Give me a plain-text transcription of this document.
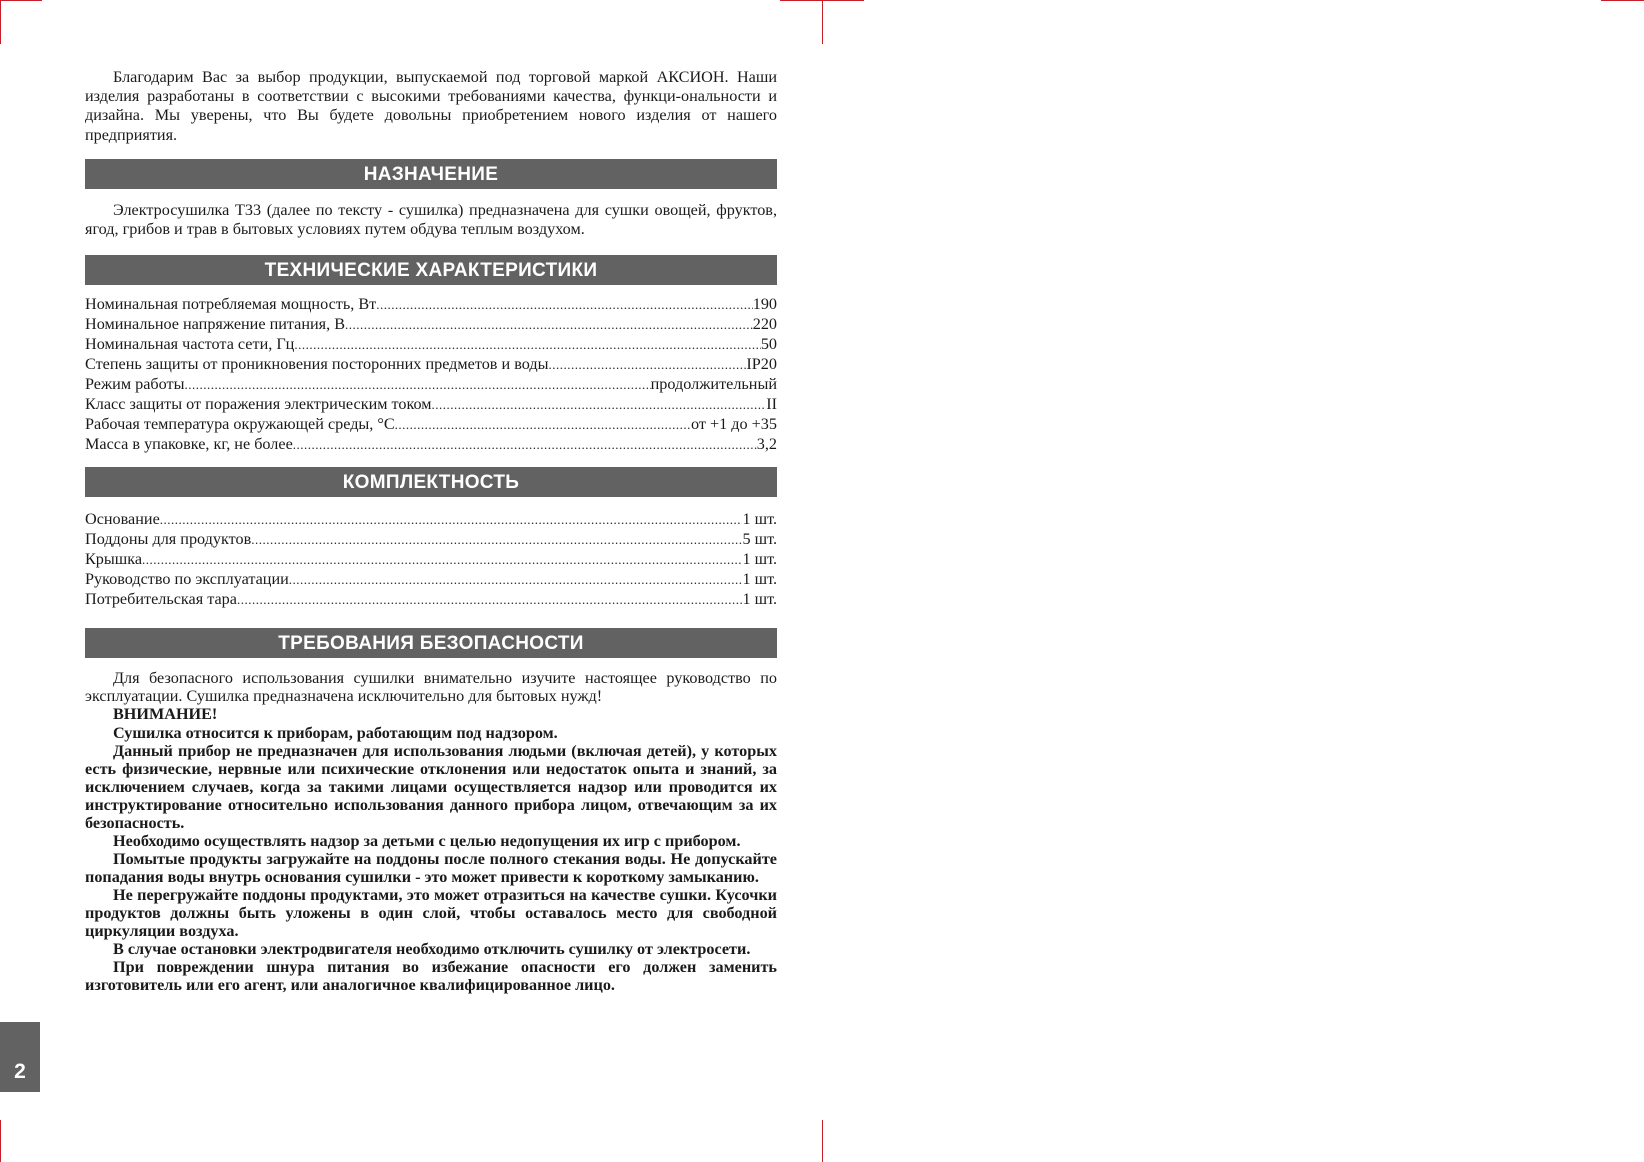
Благодарим Вас за выбор продукции, выпускаемой под торговой маркой АКСИОН. Наши изделия разработаны в соответствии с высокими требованиями качества, функци-ональности и дизайна. Мы уверены, что Вы будете довольны приобретением нового изделия от нашего предприятия.

НАЗНАЧЕНИЕ

Электросушилка Т33 (далее по тексту - сушилка) предназначена для сушки овощей, фруктов, ягод, грибов и трав в бытовых условиях путем обдува теплым воздухом.

ТЕХНИЧЕСКИЕ ХАРАКТЕРИСТИКИ
Номинальная потребляемая мощность, Вт .....	190
Номинальное напряжение питания, В .....	220
Номинальная частота сети, Гц .....	50
Степень защиты от проникновения посторонних предметов и воды .....	IP20
Режим работы .....	продолжительный
Класс защиты от поражения электрическим током .....	II
Рабочая температура окружающей среды, °С .....	от +1 до +35
Масса в упаковке, кг, не более .....	3,2
КОМПЛЕКТНОСТЬ
Основание .....	1 шт.
Поддоны для продуктов .....	5 шт.
Крышка .....	1 шт.
Руководство по эксплуатации .....	1 шт.
Потребительская тара .....	1 шт.
ТРЕБОВАНИЯ БЕЗОПАСНОСТИ

Для безопасного использования сушилки внимательно изучите настоящее руководство по эксплуатации. Сушилка предназначена исключительно для бытовых нужд!

ВНИМАНИЕ!

Сушилка относится к приборам, работающим под надзором.

Данный прибор не предназначен для использования людьми (включая детей), у которых есть физические, нервные или психические отклонения или недостаток опыта и знаний, за исключением случаев, когда за такими лицами осуществляется надзор или проводится их инструктирование относительно использования данного прибора лицом, отвечающим за их безопасность.

Необходимо осуществлять надзор за детьми с целью недопущения их игр с прибором.

Помытые продукты загружайте на поддоны после полного стекания воды. Не допускайте попадания воды внутрь основания сушилки - это может привести к короткому замыканию.

Не перегружайте поддоны продуктами, это может отразиться на качестве сушки. Кусочки продуктов должны быть уложены в один слой, чтобы оставалось место для свободной циркуляции воздуха.

В случае остановки электродвигателя необходимо отключить сушилку от электросети.

При повреждении шнура питания во избежание опасности его должен заменить изготовитель или его агент, или аналогичное квалифицированное лицо.

2
